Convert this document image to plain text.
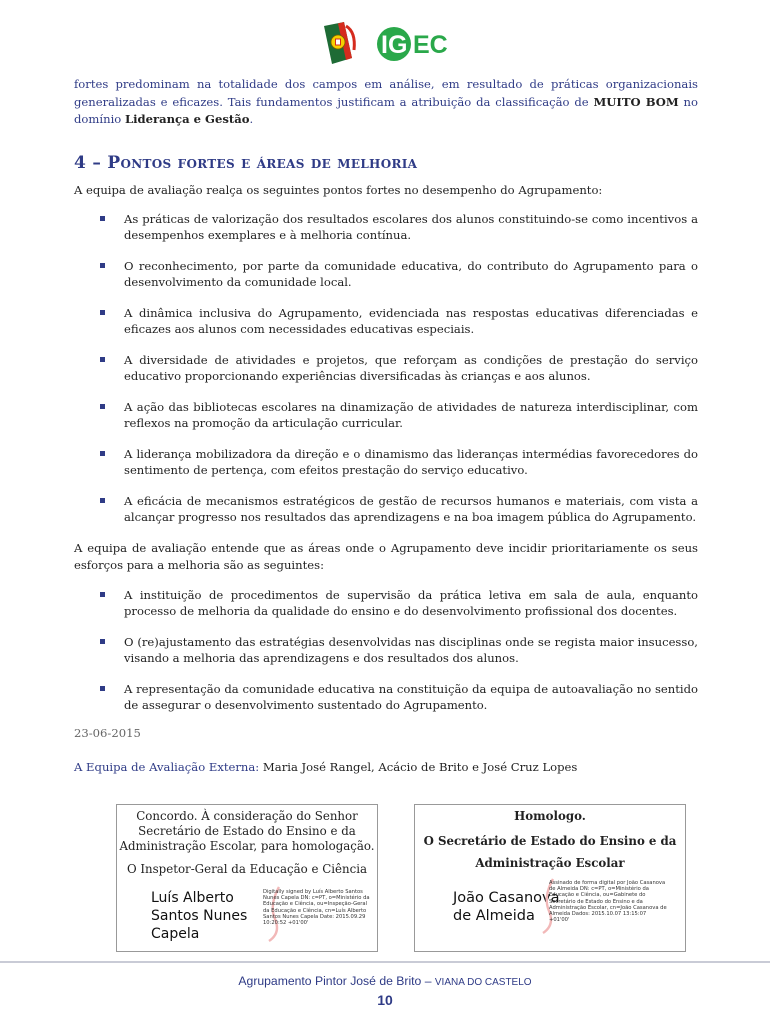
IG EC

fortes predominam na totalidade dos campos em análise, em resultado de práticas organizacionais generalizadas e eficazes. Tais fundamentos justificam a atribuição da classificação de MUITO BOM no domínio Liderança e Gestão.

4 – Pontos fortes e áreas de melhoria

A equipa de avaliação realça os seguintes pontos fortes no desempenho do Agrupamento:

As práticas de valorização dos resultados escolares dos alunos constituindo-se como incentivos a desempenhos exemplares e à melhoria contínua.
O reconhecimento, por parte da comunidade educativa, do contributo do Agrupamento para o desenvolvimento da comunidade local.
A dinâmica inclusiva do Agrupamento, evidenciada nas respostas educativas diferenciadas e eficazes aos alunos com necessidades educativas especiais.
A diversidade de atividades e projetos, que reforçam as condições de prestação do serviço educativo proporcionando experiências diversificadas às crianças e aos alunos.
A ação das bibliotecas escolares na dinamização de atividades de natureza interdisciplinar, com reflexos na promoção da articulação curricular.
A liderança mobilizadora da direção e o dinamismo das lideranças intermédias favorecedores do sentimento de pertença, com efeitos prestação do serviço educativo.
A eficácia de mecanismos estratégicos de gestão de recursos humanos e materiais, com vista a alcançar progresso nos resultados das aprendizagens e na boa imagem pública do Agrupamento.

A equipa de avaliação entende que as áreas onde o Agrupamento deve incidir prioritariamente os seus esforços para a melhoria são as seguintes:

A instituição de procedimentos de supervisão da prática letiva em sala de aula, enquanto processo de melhoria da qualidade do ensino e do desenvolvimento profissional dos docentes.
O (re)ajustamento das estratégias desenvolvidas nas disciplinas onde se regista maior insucesso, visando a melhoria das aprendizagens e dos resultados dos alunos.
A representação da comunidade educativa na constituição da equipa de autoavaliação no sentido de assegurar o desenvolvimento sustentado do Agrupamento.

23-06-2015

A Equipa de Avaliação Externa: Maria José Rangel, Acácio de Brito e José Cruz Lopes

Concordo. À consideração do Senhor Secretário de Estado do Ensino e da Administração Escolar, para homologação.

O Inspetor-Geral da Educação e Ciência

Luís Alberto
Santos Nunes
Capela
Digitally signed by Luís Alberto Santos Nunes Capela DN: c=PT, o=Ministério da Educação e Ciência, ou=Inspeção-Geral da Educação e Ciência, cn=Luís Alberto Santos Nunes Capela Date: 2015.09.29 10:20:52 +01'00'

Homologo.

O Secretário de Estado do Ensino e da Administração Escolar

João Casanova
de Almeida
Assinado de forma digital por João Casanova de Almeida DN: c=PT, o=Ministério da Educação e Ciência, ou=Gabinete do Secretário de Estado do Ensino e da Administração Escolar, cn=João Casanova de Almeida Dados: 2015.10.07 13:15:07 +01'00'
Agrupamento Pintor José de Brito – VIANA DO CASTELO
10
